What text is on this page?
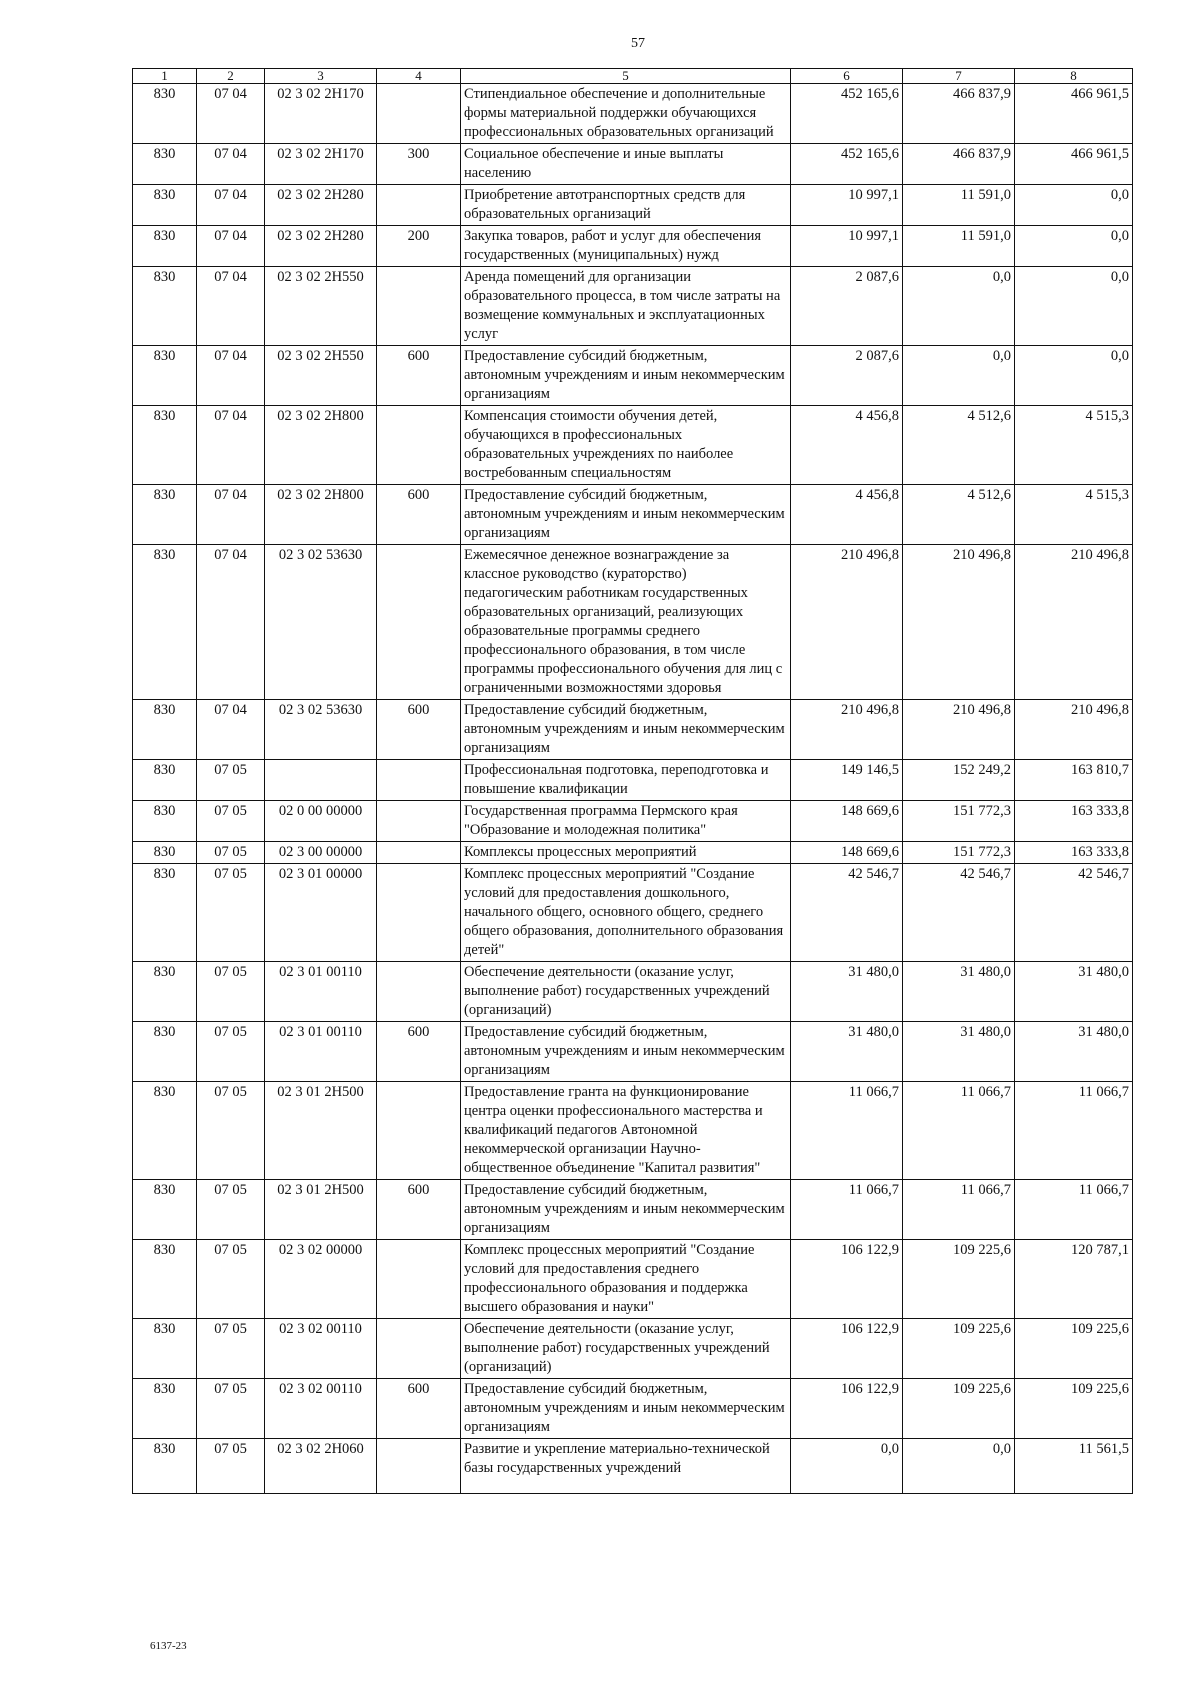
57
1	2	3	4	5	6	7	8
830	07 04	02 3 02 2Н170		Стипендиальное обеспечение и дополнительные формы материальной поддержки обучающихся профессиональных образовательных организаций	452 165,6	466 837,9	466 961,5
830	07 04	02 3 02 2Н170	300	Социальное обеспечение и иные выплаты населению	452 165,6	466 837,9	466 961,5
830	07 04	02 3 02 2Н280		Приобретение автотранспортных средств для образовательных организаций	10 997,1	11 591,0	0,0
830	07 04	02 3 02 2Н280	200	Закупка товаров, работ и услуг для обеспечения государственных (муниципальных) нужд	10 997,1	11 591,0	0,0
830	07 04	02 3 02 2Н550		Аренда помещений для организации образовательного процесса, в том числе затраты на возмещение коммунальных и эксплуатационных услуг	2 087,6	0,0	0,0
830	07 04	02 3 02 2Н550	600	Предоставление субсидий бюджетным, автономным учреждениям и иным некоммерческим организациям	2 087,6	0,0	0,0
830	07 04	02 3 02 2Н800		Компенсация стоимости обучения детей, обучающихся в профессиональных образовательных учреждениях по наиболее востребованным специальностям	4 456,8	4 512,6	4 515,3
830	07 04	02 3 02 2Н800	600	Предоставление субсидий бюджетным, автономным учреждениям и иным некоммерческим организациям	4 456,8	4 512,6	4 515,3
830	07 04	02 3 02 53630		Ежемесячное денежное вознаграждение за классное руководство (кураторство) педагогическим работникам государственных образовательных организаций, реализующих образовательные программы среднего профессионального образования, в том числе программы профессионального обучения для лиц с ограниченными возможностями здоровья	210 496,8	210 496,8	210 496,8
830	07 04	02 3 02 53630	600	Предоставление субсидий бюджетным, автономным учреждениям и иным некоммерческим организациям	210 496,8	210 496,8	210 496,8
830	07 05			Профессиональная подготовка, переподготовка и повышение квалификации	149 146,5	152 249,2	163 810,7
830	07 05	02 0 00 00000		Государственная программа Пермского края "Образование и молодежная политика"	148 669,6	151 772,3	163 333,8
830	07 05	02 3 00 00000		Комплексы процессных мероприятий	148 669,6	151 772,3	163 333,8
830	07 05	02 3 01 00000		Комплекс процессных мероприятий "Создание условий для предоставления дошкольного, начального общего, основного общего, среднего общего образования, дополнительного образования детей"	42 546,7	42 546,7	42 546,7
830	07 05	02 3 01 00110		Обеспечение деятельности (оказание услуг, выполнение работ) государственных учреждений (организаций)	31 480,0	31 480,0	31 480,0
830	07 05	02 3 01 00110	600	Предоставление субсидий бюджетным, автономным учреждениям и иным некоммерческим организациям	31 480,0	31 480,0	31 480,0
830	07 05	02 3 01 2Н500		Предоставление гранта на функционирование центра оценки профессионального мастерства и квалификаций педагогов Автономной некоммерческой организации Научно-общественное объединение "Капитал развития"	11 066,7	11 066,7	11 066,7
830	07 05	02 3 01 2Н500	600	Предоставление субсидий бюджетным, автономным учреждениям и иным некоммерческим организациям	11 066,7	11 066,7	11 066,7
830	07 05	02 3 02 00000		Комплекс процессных мероприятий "Создание условий для предоставления среднего профессионального образования и поддержка высшего образования и науки"	106 122,9	109 225,6	120 787,1
830	07 05	02 3 02 00110		Обеспечение деятельности (оказание услуг, выполнение работ) государственных учреждений (организаций)	106 122,9	109 225,6	109 225,6
830	07 05	02 3 02 00110	600	Предоставление субсидий бюджетным, автономным учреждениям и иным некоммерческим организациям	106 122,9	109 225,6	109 225,6
830	07 05	02 3 02 2Н060		Развитие и укрепление материально-технической базы государственных учреждений	0,0	0,0	11 561,5
6137-23
